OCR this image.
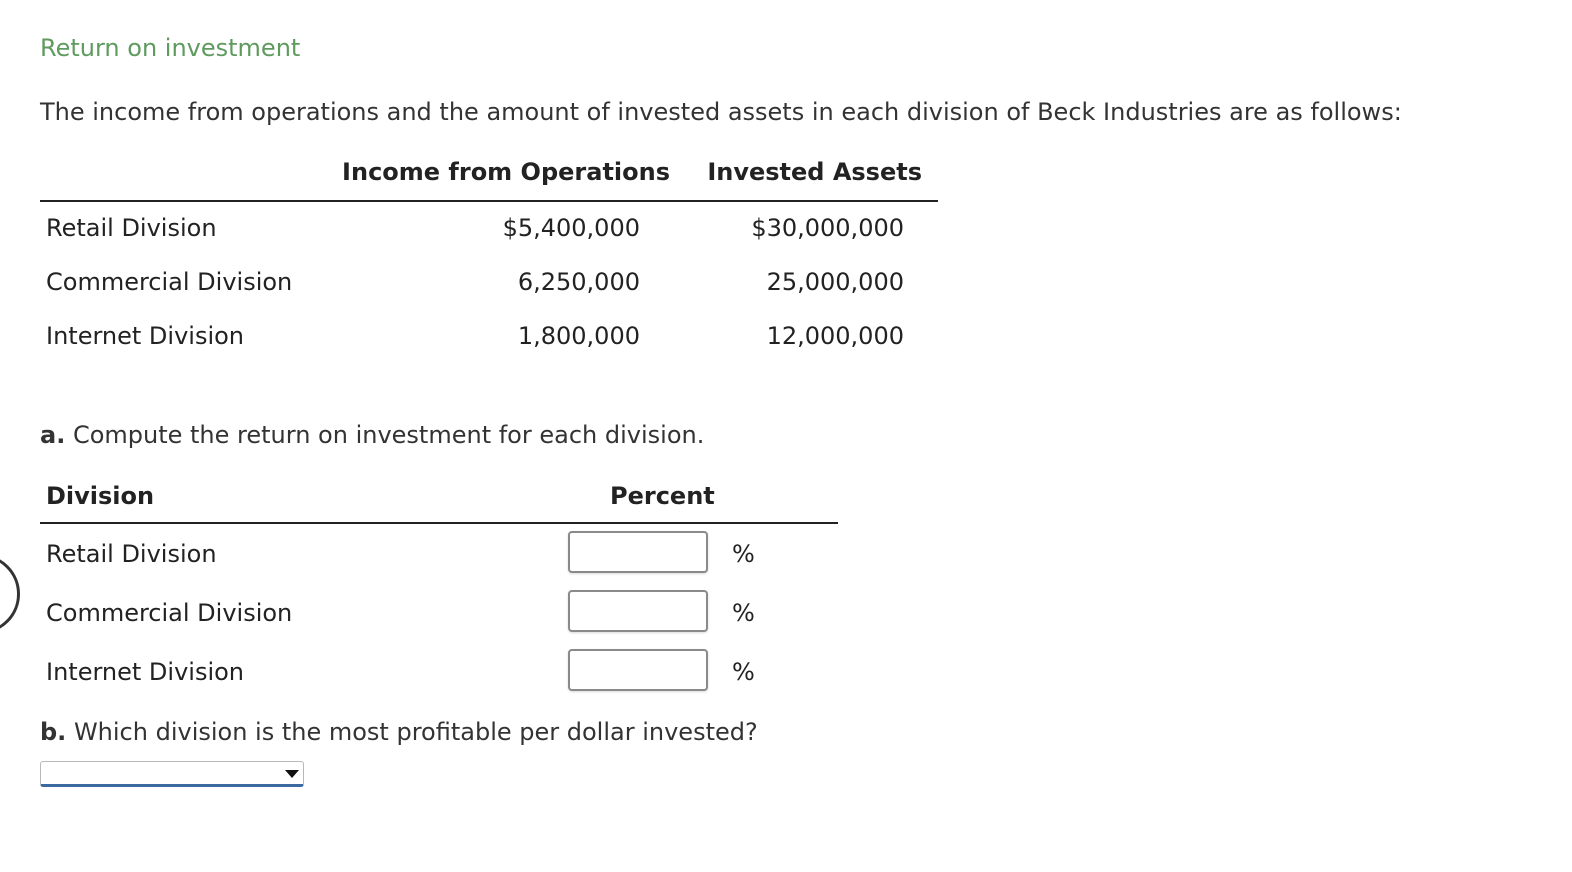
Return on investment
The income from operations and the amount of invested assets in each division of Beck Industries are as follows:
Income from Operations Invested Assets
Retail Division	$5,400,000	$30,000,000
Commercial Division	6,250,000	25,000,000
Internet Division	1,800,000	12,000,000
a. Compute the return on investment for each division.
Division	Percent
Retail Division	%
Commercial Division	%
Internet Division	%
b. Which division is the most profitable per dollar invested?
